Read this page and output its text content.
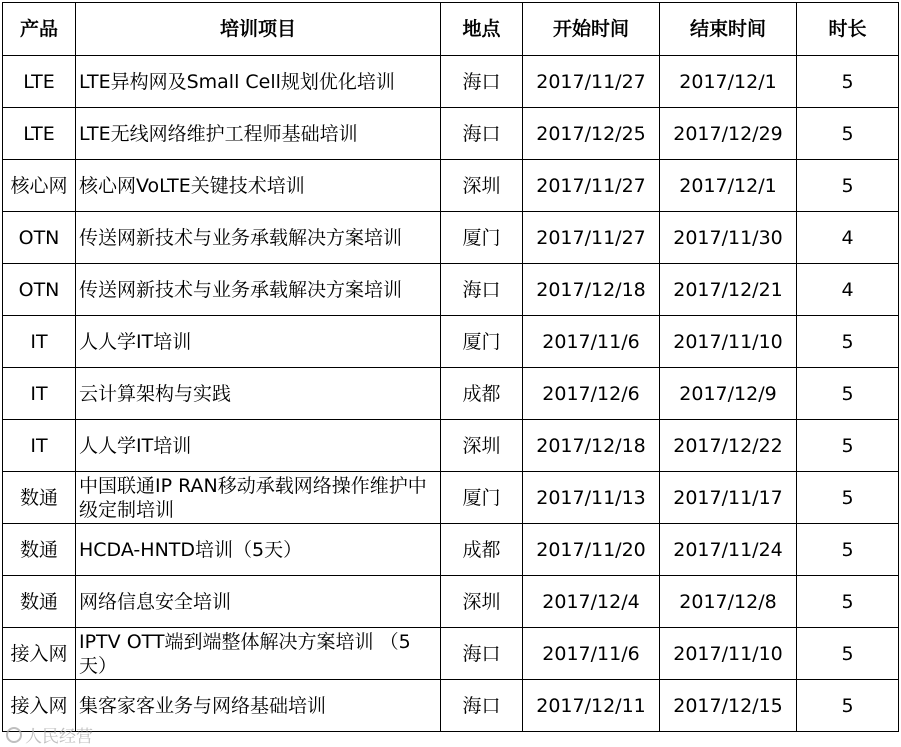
产品	培训项目	地点	开始时间	结束时间	时长
LTE	LTE异构网及Small Cell规划优化培训	海口	2017/11/27	2017/12/1	5
LTE	LTE无线网络维护工程师基础培训	海口	2017/12/25	2017/12/29	5
核心网	核心网VoLTE关键技术培训	深圳	2017/11/27	2017/12/1	5
OTN	传送网新技术与业务承载解决方案培训	厦门	2017/11/27	2017/11/30	4
OTN	传送网新技术与业务承载解决方案培训	海口	2017/12/18	2017/12/21	4
IT	人人学IT培训	厦门	2017/11/6	2017/11/10	5
IT	云计算架构与实践	成都	2017/12/6	2017/12/9	5
IT	人人学IT培训	深圳	2017/12/18	2017/12/22	5
数通	中国联通IP RAN移动承载网络操作维护中级定制培训	厦门	2017/11/13	2017/11/17	5
数通	HCDA-HNTD培训（5天）	成都	2017/11/20	2017/11/24	5
数通	网络信息安全培训	深圳	2017/12/4	2017/12/8	5
接入网	IPTV OTT端到端整体解决方案培训 （5天）	海口	2017/11/6	2017/11/10	5
接入网	集客家客业务与网络基础培训	海口	2017/12/11	2017/12/15	5
人民经营
